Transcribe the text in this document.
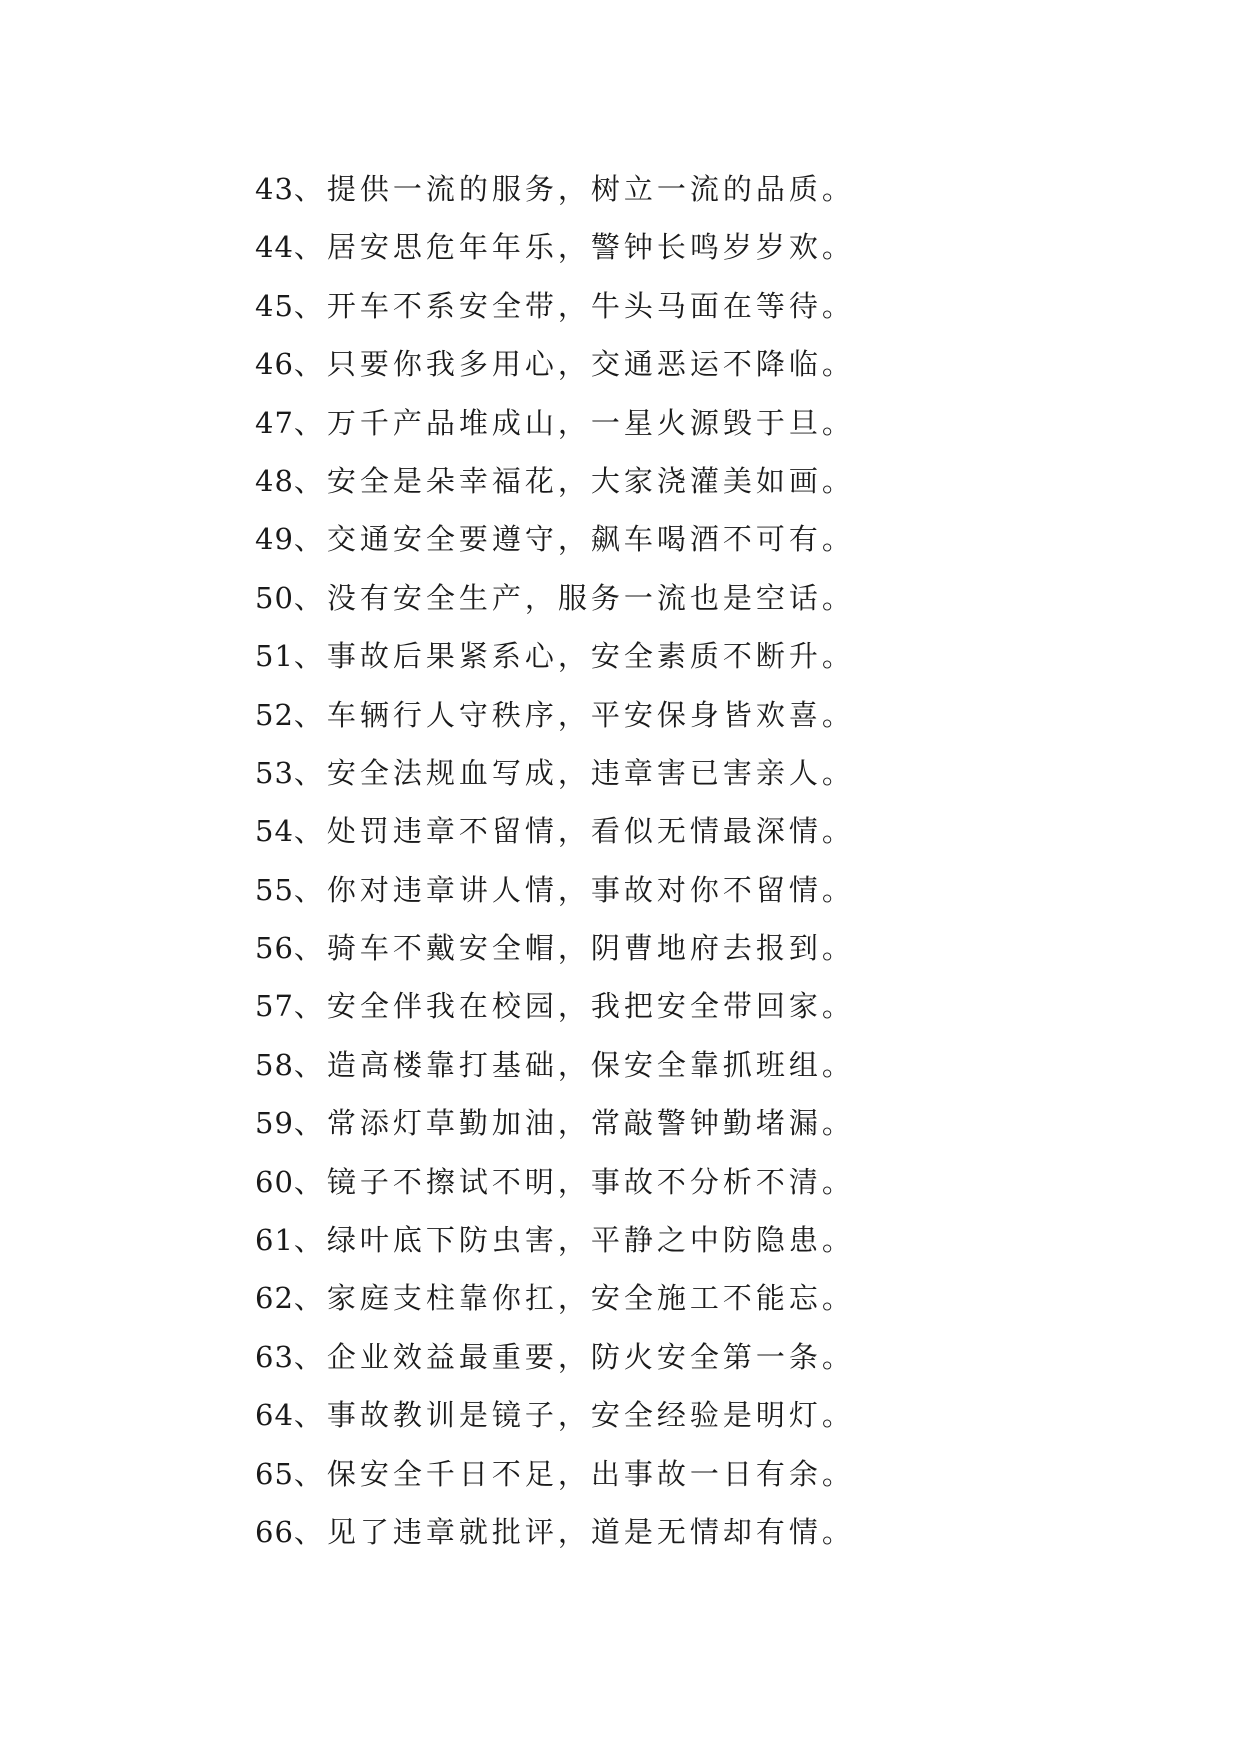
43、提供一流的服务，树立一流的品质。
44、居安思危年年乐，警钟长鸣岁岁欢。
45、开车不系安全带，牛头马面在等待。
46、只要你我多用心，交通恶运不降临。
47、万千产品堆成山，一星火源毁于旦。
48、安全是朵幸福花，大家浇灌美如画。
49、交通安全要遵守，飙车喝酒不可有。
50、没有安全生产，服务一流也是空话。
51、事故后果紧系心，安全素质不断升。
52、车辆行人守秩序，平安保身皆欢喜。
53、安全法规血写成，违章害已害亲人。
54、处罚违章不留情，看似无情最深情。
55、你对违章讲人情，事故对你不留情。
56、骑车不戴安全帽，阴曹地府去报到。
57、安全伴我在校园，我把安全带回家。
58、造高楼靠打基础，保安全靠抓班组。
59、常添灯草勤加油，常敲警钟勤堵漏。
60、镜子不擦试不明，事故不分析不清。
61、绿叶底下防虫害，平静之中防隐患。
62、家庭支柱靠你扛，安全施工不能忘。
63、企业效益最重要，防火安全第一条。
64、事故教训是镜子，安全经验是明灯。
65、保安全千日不足，出事故一日有余。
66、见了违章就批评，道是无情却有情。
